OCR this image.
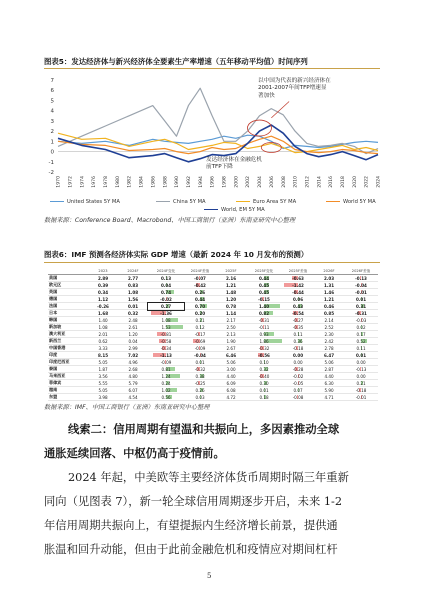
图表5：发达经济体与新兴经济体全要素生产率增速（五年移动平均值）时间序列
7
6
5
4
3
2
1
0
-1
-2
1970 1972 1974 1976 1978 1980 1982 1984 1986 1988 1990 1992 1994 1996 1998 2000 2002 2004 2006 2008 2010 2012 2014 2016 2018 2020 2022 2024
以中国为代表的新兴经济体在2001-2007年间TFP增速显著加快
发达经济体在金融危机前TFP下降
United States 5Y MA	China 5Y MA	Euro Area 5Y MA	World 5Y MA
World, EM 5Y MA
数据来源：Conference Board、Macrobond、中国工商银行（亚洲）东南亚研究中心整理
图表6：IMF 预测各经济体实际 GDP 增速（最新 2024 年 10 月发布的预测）
	2023	2024F	2024F变化	2024F差值	2025F	2025F变化	2025F差值	2026F	2026F差值
美国	2.89	2.77	0.13	-0.07	2.16	0.44	-0.63	2.03	-0.13
欧元区	0.39	0.83	0.04	-0.42	1.21	0.45	-1.42	1.31	-0.04
英国	0.34	1.08	0.74	0.26	1.48	0.45	-0.44	1.46	-0.01
德国	1.12	1.56	-0.02	0.44	1.20	-0.15	0.06	1.21	0.01
法国	-0.26	0.01	0.27	0.70	0.78	1.40	0.43	0.46	0.31
日本	1.68	0.32	-1.36	0.20	1.14	0.82	-0.54	0.85	-0.31
韩国	1.40	2.48	1.08	0.21	2.17	-0.31	-0.27	2.14	-0.03
新加坡	1.08	2.61	1.53	0.12	2.50	-0.11	-0.35	2.52	0.02
澳大利亚	2.01	1.20	-0.81	-0.17	2.13	0.93	0.11	2.30	0.17
新西兰	0.62	0.04	-0.58	-0.69	1.90	1.86	0.36	2.42	0.52
中国香港	3.33	2.99	-0.34	-0.09	2.67	-0.32	-0.18	2.78	0.11
印度	8.15	7.02	-1.13	-0.04	6.46	-0.56	0.00	6.47	0.01
印度尼西亚	5.05	4.96	-0.09	0.01	5.06	0.10	0.00	5.06	0.00
泰国	1.87	2.68	0.81	-0.32	3.00	0.32	-0.28	2.87	-0.13
马来西亚	3.56	4.80	1.24	0.38	4.40	-0.40	-0.02	4.40	0.00
菲律宾	5.55	5.79	0.24	-0.25	6.09	0.30	-0.05	6.30	0.21
越南	5.05	6.07	1.02	0.26	6.08	0.01	0.07	5.90	-0.18
东盟	3.98	4.54	0.56	0.03	4.72	0.18	-0.08	4.71	-0.01
数据来源：IMF、中国工商银行（亚洲）东南亚研究中心整理
线索二：信用周期有望温和共振向上，多因素推动全球
通胀延续回落、中枢仍高于疫情前。
2024 年起，中美欧等主要经济体货币周期时隔三年重新
同向（见图表 7），新一轮全球信用周期逐步开启，未来 1-2
年信用周期共振向上，有望提振内生经济增长前景，提供通
胀温和回升动能，但由于此前金融危机和疫情应对期间杠杆
5
